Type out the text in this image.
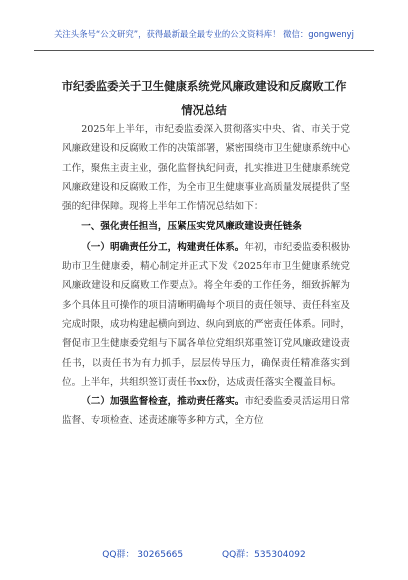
关注头条号“公文研究”，获得最新最全最专业的公文资料库！ 微信：gongwenyj
市纪委监委关于卫生健康系统党风廉政建设和反腐败工作
情况总结

2025年上半年，市纪委监委深入贯彻落实中央、省、市关于党风廉政建设和反腐败工作的决策部署，紧密围绕市卫生健康系统中心工作，聚焦主责主业，强化监督执纪问责，扎实推进卫生健康系统党风廉政建设和反腐败工作，为全市卫生健康事业高质量发展提供了坚强的纪律保障。现将上半年工作情况总结如下：

一、强化责任担当，压紧压实党风廉政建设责任链条

（一）明确责任分工，构建责任体系。年初，市纪委监委积极协助市卫生健康委，精心制定并正式下发《2025年市卫生健康系统党风廉政建设和反腐败工作要点》。将全年委的工作任务，细致拆解为多个具体且可操作的项目清晰明确每个项目的责任领导、责任科室及完成时限，成功构建起横向到边、纵向到底的严密责任体系。同时，督促市卫生健康委党组与下属各单位党组织郑重签订党风廉政建设责任书，以责任书为有力抓手，层层传导压力，确保责任精准落实到位。上半年，共组织签订责任书xx份，达成责任落实全覆盖目标。

（二）加强监督检查，推动责任落实。市纪委监委灵活运用日常监督、专项检查、述责述廉等多种方式，全方位

QQ群： 30265665	QQ群：535304092
